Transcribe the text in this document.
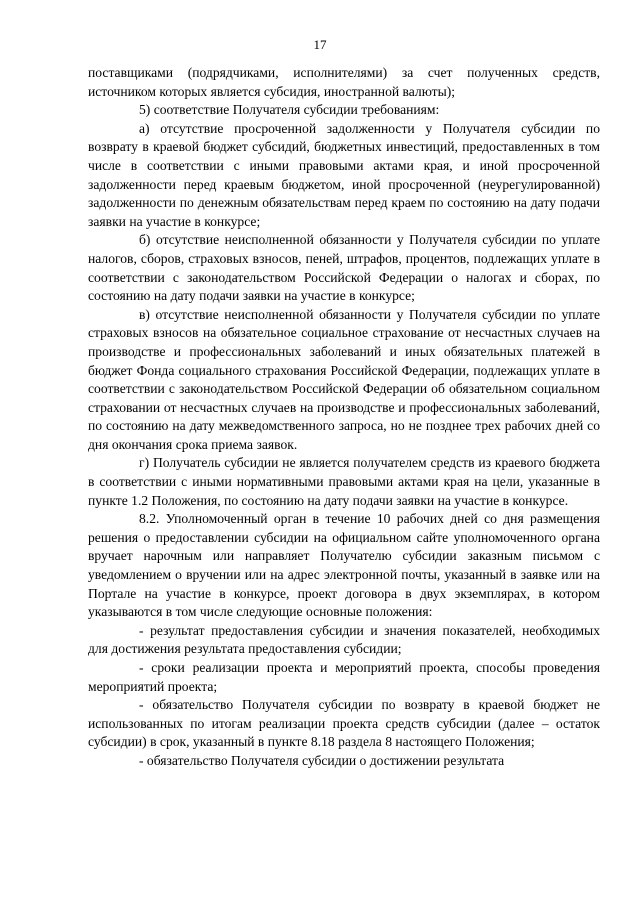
17

поставщиками (подрядчиками, исполнителями) за счет полученных средств, источником которых является субсидия, иностранной валюты);

5) соответствие Получателя субсидии требованиям:

а) отсутствие просроченной задолженности у Получателя субсидии по возврату в краевой бюджет субсидий, бюджетных инвестиций, предоставленных в том числе в соответствии с иными правовыми актами края, и иной просроченной задолженности перед краевым бюджетом, иной просроченной (неурегулированной) задолженности по денежным обязательствам перед краем по состоянию на дату подачи заявки на участие в конкурсе;

б) отсутствие неисполненной обязанности у Получателя субсидии по уплате налогов, сборов, страховых взносов, пеней, штрафов, процентов, подлежащих уплате в соответствии с законодательством Российской Федерации о налогах и сборах, по состоянию на дату подачи заявки на участие в конкурсе;

в) отсутствие неисполненной обязанности у Получателя субсидии по уплате страховых взносов на обязательное социальное страхование от несчастных случаев на производстве и профессиональных заболеваний и иных обязательных платежей в бюджет Фонда социального страхования Российской Федерации, подлежащих уплате в соответствии с законодательством Российской Федерации об обязательном социальном страховании от несчастных случаев на производстве и профессиональных заболеваний, по состоянию на дату межведомственного запроса, но не позднее трех рабочих дней со дня окончания срока приема заявок.

г) Получатель субсидии не является получателем средств из краевого бюджета в соответствии с иными нормативными правовыми актами края на цели, указанные в пункте 1.2 Положения, по состоянию на дату подачи заявки на участие в конкурсе.

8.2. Уполномоченный орган в течение 10 рабочих дней со дня размещения решения о предоставлении субсидии на официальном сайте уполномоченного органа вручает нарочным или направляет Получателю субсидии заказным письмом с уведомлением о вручении или на адрес электронной почты, указанный в заявке или на Портале на участие в конкурсе, проект договора в двух экземплярах, в котором указываются в том числе следующие основные положения:

- результат предоставления субсидии и значения показателей, необходимых для достижения результата предоставления субсидии;

- сроки реализации проекта и мероприятий проекта, способы проведения мероприятий проекта;

- обязательство Получателя субсидии по возврату в краевой бюджет не использованных по итогам реализации проекта средств субсидии (далее – остаток субсидии) в срок, указанный в пункте 8.18 раздела 8 настоящего Положения;

- обязательство Получателя субсидии о достижении результата
